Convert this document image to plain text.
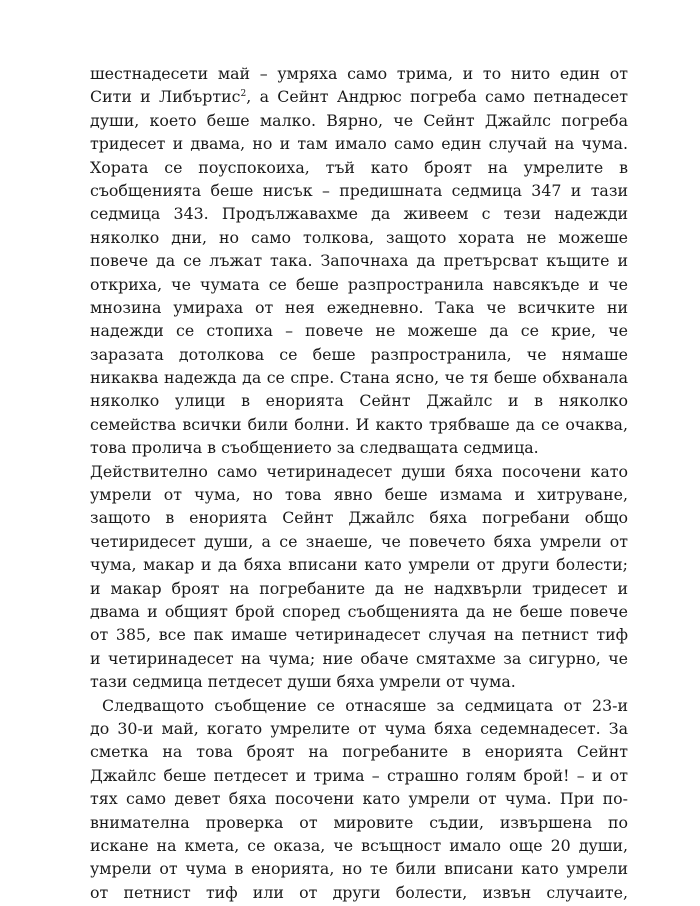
шестнадесети май – умряха само трима, и то нито един от
Сити и Либъртис$^2$, а Сейнт Андрюс погреба само петнадесет
души, което беше малко. Вярно, че Сейнт Джайлс погреба
тридесет и двама, но и там имало само един случай на чума.
Хората се поуспокоиха, тъй като броят на умрелите в
съобщенията беше нисък – предишната седмица 347 и тази
седмица 343. Продължавахме да живеем с тези надежди
няколко дни, но само толкова, защото хората не можеше
повече да се лъжат така. Започнаха да претърсват къщите и
откриха, че чумата се беше разпространила навсякъде и че
мнозина умираха от нея ежедневно. Така че всичките ни
надежди се стопиха – повече не можеше да се крие, че
заразата дотолкова се беше разпространила, че нямаше
никаква надежда да се спре. Стана ясно, че тя беше обхванала
няколко улици в енорията Сейнт Джайлс и в няколко
семейства всички били болни. И както трябваше да се очаква,
това пролича в съобщението за следващата седмица.
Действително само четиринадесет души бяха посочени като
умрели от чума, но това явно беше измама и хитруване,
защото в енорията Сейнт Джайлс бяха погребани общо
четиридесет души, а се знаеше, че повечето бяха умрели от
чума, макар и да бяха вписани като умрели от други болести;
и макар броят на погребаните да не надхвърли тридесет и
двама и общият брой според съобщенията да не беше повече
от 385, все пак имаше четиринадесет случая на петнист тиф
и четиринадесет на чума; ние обаче смятахме за сигурно, че
тази седмица петдесет души бяха умрели от чума.
Следващото съобщение се отнасяше за седмицата от 23-и
до 30-и май, когато умрелите от чума бяха седемнадесет. За
сметка на това броят на погребаните в енорията Сейнт
Джайлс беше петдесет и трима – страшно голям брой! – и от
тях само девет бяха посочени като умрели от чума. При по-
внимателна проверка от мировите съдии, извършена по
искане на кмета, се оказа, че всъщност имало още 20 души,
умрели от чума в енорията, но те били вписани като умрели
от петнист тиф или от други болести, извън случаите,
